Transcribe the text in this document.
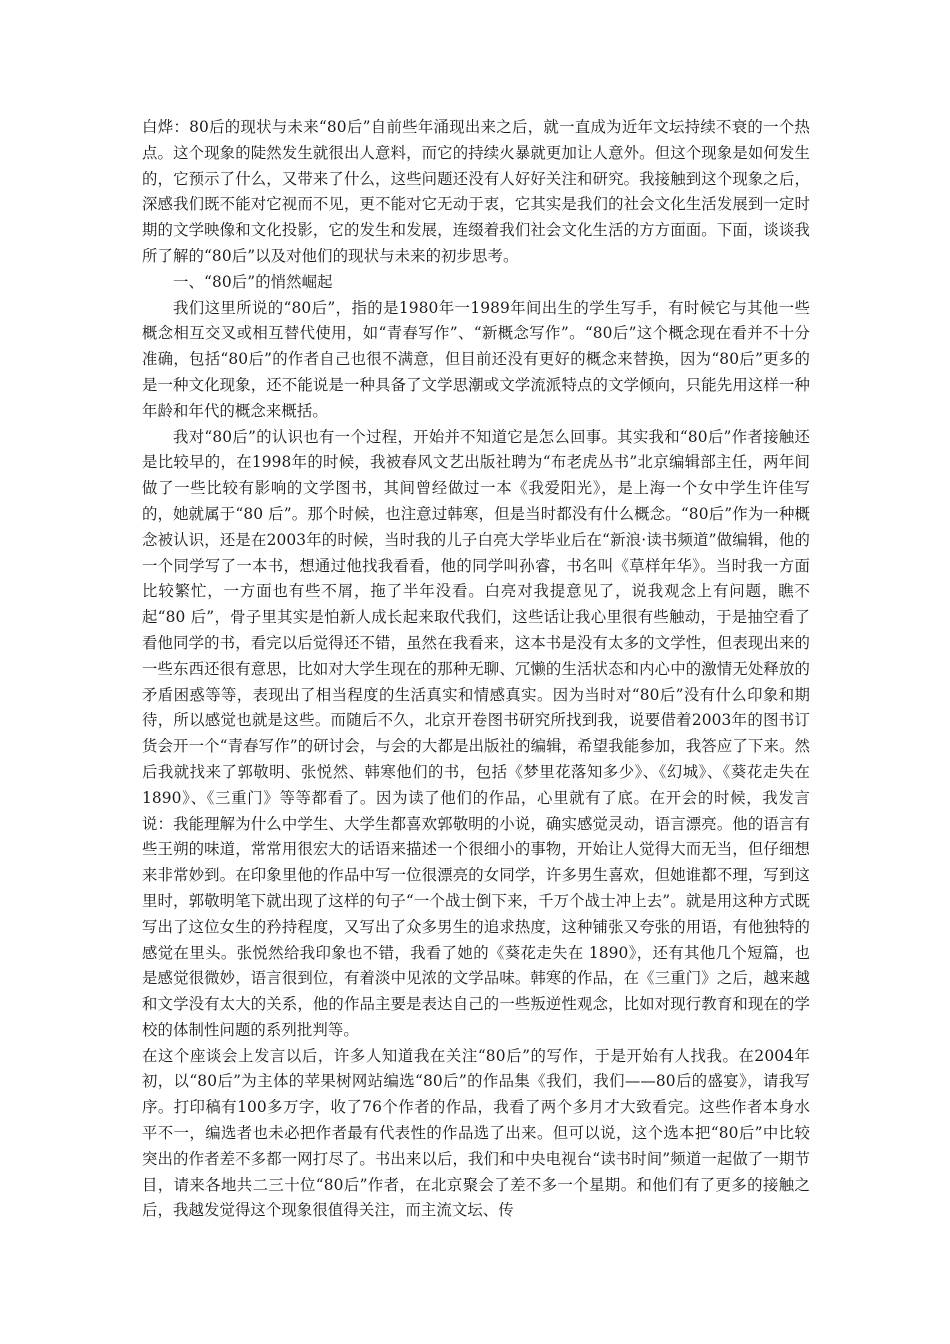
白烨：80后的现状与未来“80后”自前些年涌现出来之后，就一直成为近年文坛持续不衰的一个热点。这个现象的陡然发生就很出人意料，而它的持续火暴就更加让人意外。但这个现象是如何发生的，它预示了什么，又带来了什么，这些问题还没有人好好关注和研究。我接触到这个现象之后，深感我们既不能对它视而不见，更不能对它无动于衷，它其实是我们的社会文化生活发展到一定时期的文学映像和文化投影，它的发生和发展，连缀着我们社会文化生活的方方面面。下面，谈谈我所了解的“80后”以及对他们的现状与未来的初步思考。

一、“80后”的悄然崛起

我们这里所说的“80后”，指的是1980年一1989年间出生的学生写手，有时候它与其他一些概念相互交叉或相互替代使用，如“青春写作”、“新概念写作”。“80后”这个概念现在看并不十分准确，包括“80后”的作者自己也很不满意，但目前还没有更好的概念来替换，因为“80后”更多的是一种文化现象，还不能说是一种具备了文学思潮或文学流派特点的文学倾向，只能先用这样一种年龄和年代的概念来概括。

我对“80后”的认识也有一个过程，开始并不知道它是怎么回事。其实我和“80后”作者接触还是比较早的，在1998年的时候，我被春风文艺出版社聘为“布老虎丛书”北京编辑部主任，两年间做了一些比较有影响的文学图书，其间曾经做过一本《我爱阳光》，是上海一个女中学生许佳写的，她就属于“80 后”。那个时候，也注意过韩寒，但是当时都没有什么概念。“80后”作为一种概念被认识，还是在2003年的时候，当时我的儿子白亮大学毕业后在“新浪·读书频道”做编辑，他的一个同学写了一本书，想通过他找我看看，他的同学叫孙睿，书名叫《草样年华》。当时我一方面比较繁忙，一方面也有些不屑，拖了半年没看。白亮对我提意见了，说我观念上有问题，瞧不起“80 后”，骨子里其实是怕新人成长起来取代我们，这些话让我心里很有些触动，于是抽空看了看他同学的书，看完以后觉得还不错，虽然在我看来，这本书是没有太多的文学性，但表现出来的一些东西还很有意思，比如对大学生现在的那种无聊、冗懒的生活状态和内心中的激情无处释放的矛盾困惑等等，表现出了相当程度的生活真实和情感真实。因为当时对“80后”没有什么印象和期待，所以感觉也就是这些。而随后不久，北京开卷图书研究所找到我，说要借着2003年的图书订货会开一个“青春写作”的研讨会，与会的大都是出版社的编辑，希望我能参加，我答应了下来。然后我就找来了郭敬明、张悦然、韩寒他们的书，包括《梦里花落知多少》、《幻城》、《葵花走失在1890》、《三重门》等等都看了。因为读了他们的作品，心里就有了底。在开会的时候，我发言说：我能理解为什么中学生、大学生都喜欢郭敬明的小说，确实感觉灵动，语言漂亮。他的语言有些王朔的味道，常常用很宏大的话语来描述一个很细小的事物，开始让人觉得大而无当，但仔细想来非常妙到。在印象里他的作品中写一位很漂亮的女同学，许多男生喜欢，但她谁都不理，写到这里时，郭敬明笔下就出现了这样的句子“一个战士倒下来，千万个战士冲上去”。就是用这种方式既写出了这位女生的矜持程度，又写出了众多男生的追求热度，这种铺张又夸张的用语，有他独特的感觉在里头。张悦然给我印象也不错，我看了她的《葵花走失在 1890》，还有其他几个短篇，也是感觉很微妙，语言很到位，有着淡中见浓的文学品味。韩寒的作品，在《三重门》之后，越来越和文学没有太大的关系，他的作品主要是表达自己的一些叛逆性观念，比如对现行教育和现在的学校的体制性问题的系列批判等。

在这个座谈会上发言以后，许多人知道我在关注“80后”的写作，于是开始有人找我。在2004年初，以“80后”为主体的苹果树网站编选“80后”的作品集《我们，我们——80后的盛宴》，请我写序。打印稿有100多万字，收了76个作者的作品，我看了两个多月才大致看完。这些作者本身水平不一，编选者也未必把作者最有代表性的作品选了出来。但可以说，这个选本把“80后”中比较突出的作者差不多都一网打尽了。书出来以后，我们和中央电视台“读书时间”频道一起做了一期节目，请来各地共二三十位“80后”作者，在北京聚会了差不多一个星期。和他们有了更多的接触之后，我越发觉得这个现象很值得关注，而主流文坛、传
